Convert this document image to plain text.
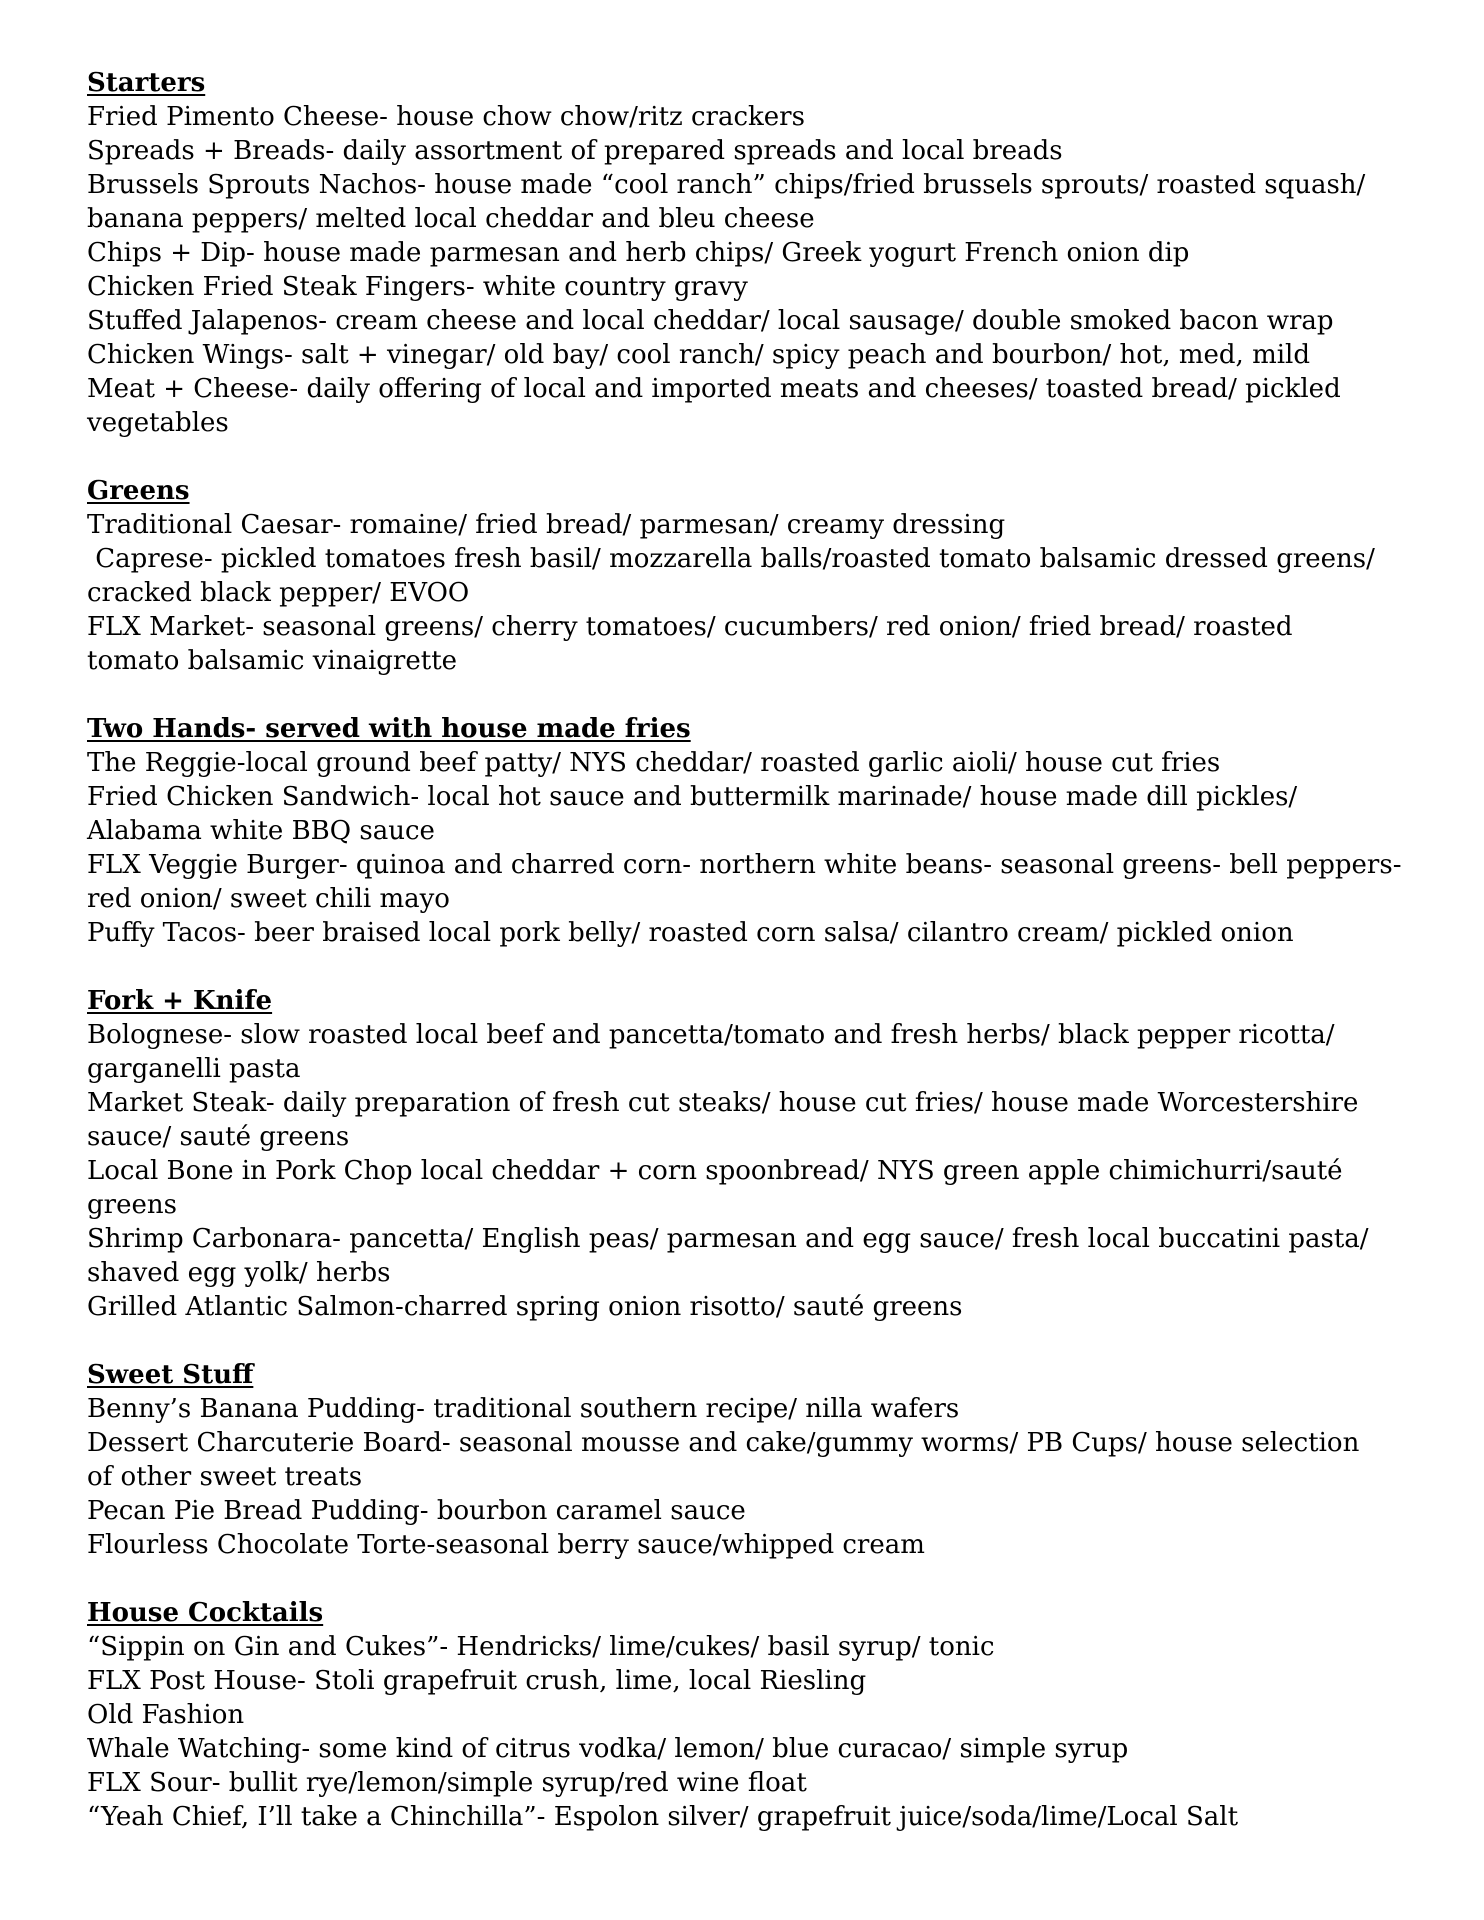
Starters

Fried Pimento Cheese- house chow chow/ritz crackers

Spreads + Breads- daily assortment of prepared spreads and local breads

Brussels Sprouts Nachos- house made “cool ranch” chips/fried brussels sprouts/ roasted squash/

banana peppers/ melted local cheddar and bleu cheese

Chips + Dip- house made parmesan and herb chips/ Greek yogurt French onion dip

Chicken Fried Steak Fingers- white country gravy

Stuffed Jalapenos- cream cheese and local cheddar/ local sausage/ double smoked bacon wrap

Chicken Wings- salt + vinegar/ old bay/ cool ranch/ spicy peach and bourbon/ hot, med, mild

Meat + Cheese- daily offering of local and imported meats and cheeses/ toasted bread/ pickled

vegetables

Greens

Traditional Caesar- romaine/ fried bread/ parmesan/ creamy dressing

Caprese- pickled tomatoes fresh basil/ mozzarella balls/roasted tomato balsamic dressed greens/

cracked black pepper/ EVOO

FLX Market- seasonal greens/ cherry tomatoes/ cucumbers/ red onion/ fried bread/ roasted

tomato balsamic vinaigrette

Two Hands- served with house made fries

The Reggie-local ground beef patty/ NYS cheddar/ roasted garlic aioli/ house cut fries

Fried Chicken Sandwich- local hot sauce and buttermilk marinade/ house made dill pickles/

Alabama white BBQ sauce

FLX Veggie Burger- quinoa and charred corn- northern white beans- seasonal greens- bell peppers-

red onion/ sweet chili mayo

Puffy Tacos- beer braised local pork belly/ roasted corn salsa/ cilantro cream/ pickled onion

Fork + Knife

Bolognese- slow roasted local beef and pancetta/tomato and fresh herbs/ black pepper ricotta/

garganelli pasta

Market Steak- daily preparation of fresh cut steaks/ house cut fries/ house made Worcestershire

sauce/ sauté greens

Local Bone in Pork Chop local cheddar + corn spoonbread/ NYS green apple chimichurri/sauté

greens

Shrimp Carbonara- pancetta/ English peas/ parmesan and egg sauce/ fresh local buccatini pasta/

shaved egg yolk/ herbs

Grilled Atlantic Salmon-charred spring onion risotto/ sauté greens

Sweet Stuff

Benny’s Banana Pudding- traditional southern recipe/ nilla wafers

Dessert Charcuterie Board- seasonal mousse and cake/gummy worms/ PB Cups/ house selection

of other sweet treats

Pecan Pie Bread Pudding- bourbon caramel sauce

Flourless Chocolate Torte-seasonal berry sauce/whipped cream

House Cocktails

“Sippin on Gin and Cukes”- Hendricks/ lime/cukes/ basil syrup/ tonic

FLX Post House- Stoli grapefruit crush, lime, local Riesling

Old Fashion

Whale Watching- some kind of citrus vodka/ lemon/ blue curacao/ simple syrup

FLX Sour- bullit rye/lemon/simple syrup/red wine float

“Yeah Chief, I’ll take a Chinchilla”- Espolon silver/ grapefruit juice/soda/lime/Local Salt
